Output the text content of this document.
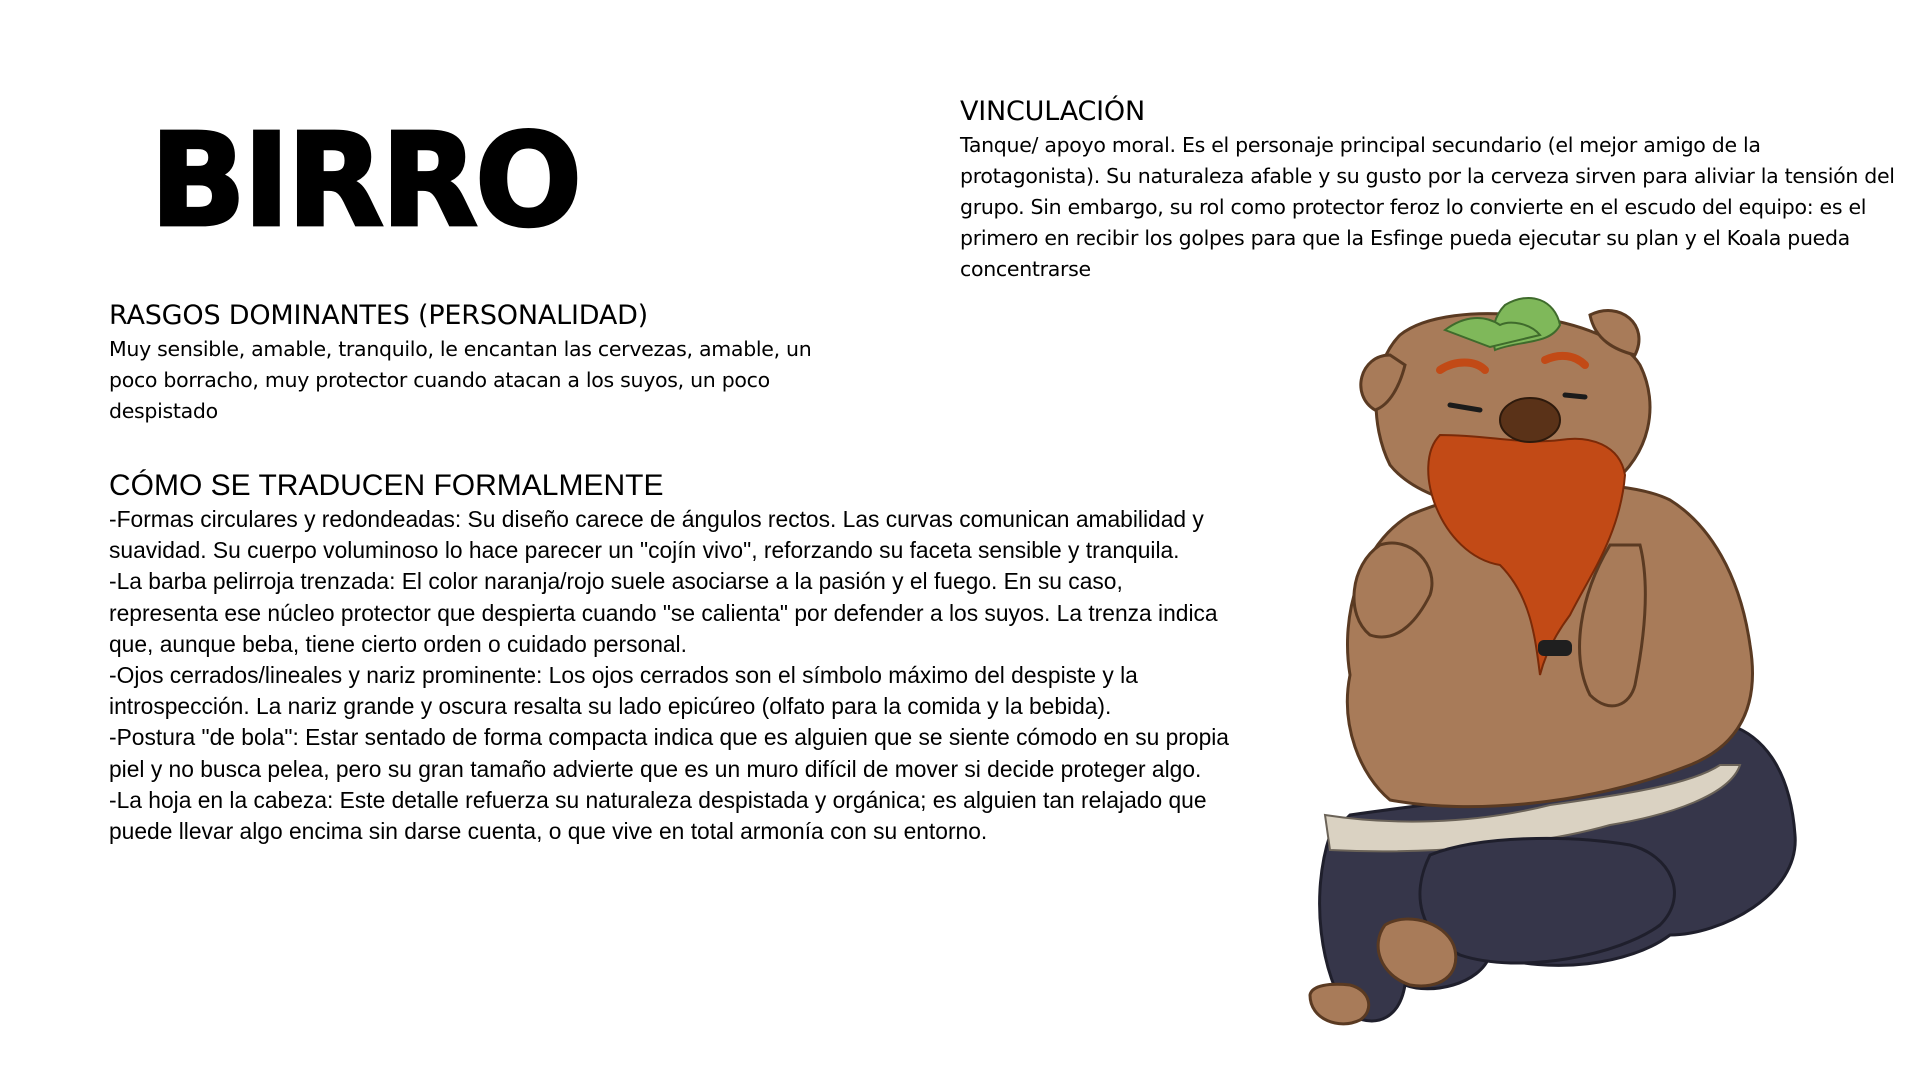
BIRRO	VINCULACIÓN

Tanque/ apoyo moral. Es el personaje principal secundario (el mejor amigo de la protagonista). Su naturaleza afable y su gusto por la cerveza sirven para aliviar la tensión del grupo. Sin embargo, su rol como protector feroz lo convierte en el escudo del equipo: es el primero en recibir los golpes para que la Esfinge pueda ejecutar su plan y el Koala pueda concentrarse

RASGOS DOMINANTES (PERSONALIDAD)

Muy sensible, amable, tranquilo, le encantan las cervezas, amable, un poco borracho, muy protector cuando atacan a los suyos, un poco despistado

CÓMO SE TRADUCEN FORMALMENTE

-Formas circulares y redondeadas: Su diseño carece de ángulos rectos. Las curvas comunican amabilidad y suavidad. Su cuerpo voluminoso lo hace parecer un "cojín vivo", reforzando su faceta sensible y tranquila.

-La barba pelirroja trenzada: El color naranja/rojo suele asociarse a la pasión y el fuego. En su caso, representa ese núcleo protector que despierta cuando "se calienta" por defender a los suyos. La trenza indica que, aunque beba, tiene cierto orden o cuidado personal.

-Ojos cerrados/lineales y nariz prominente: Los ojos cerrados son el símbolo máximo del despiste y la introspección. La nariz grande y oscura resalta su lado epicúreo (olfato para la comida y la bebida).

-Postura "de bola": Estar sentado de forma compacta indica que es alguien que se siente cómodo en su propia piel y no busca pelea, pero su gran tamaño advierte que es un muro difícil de mover si decide proteger algo.

-La hoja en la cabeza: Este detalle refuerza su naturaleza despistada y orgánica; es alguien tan relajado que puede llevar algo encima sin darse cuenta, o que vive en total armonía con su entorno.
